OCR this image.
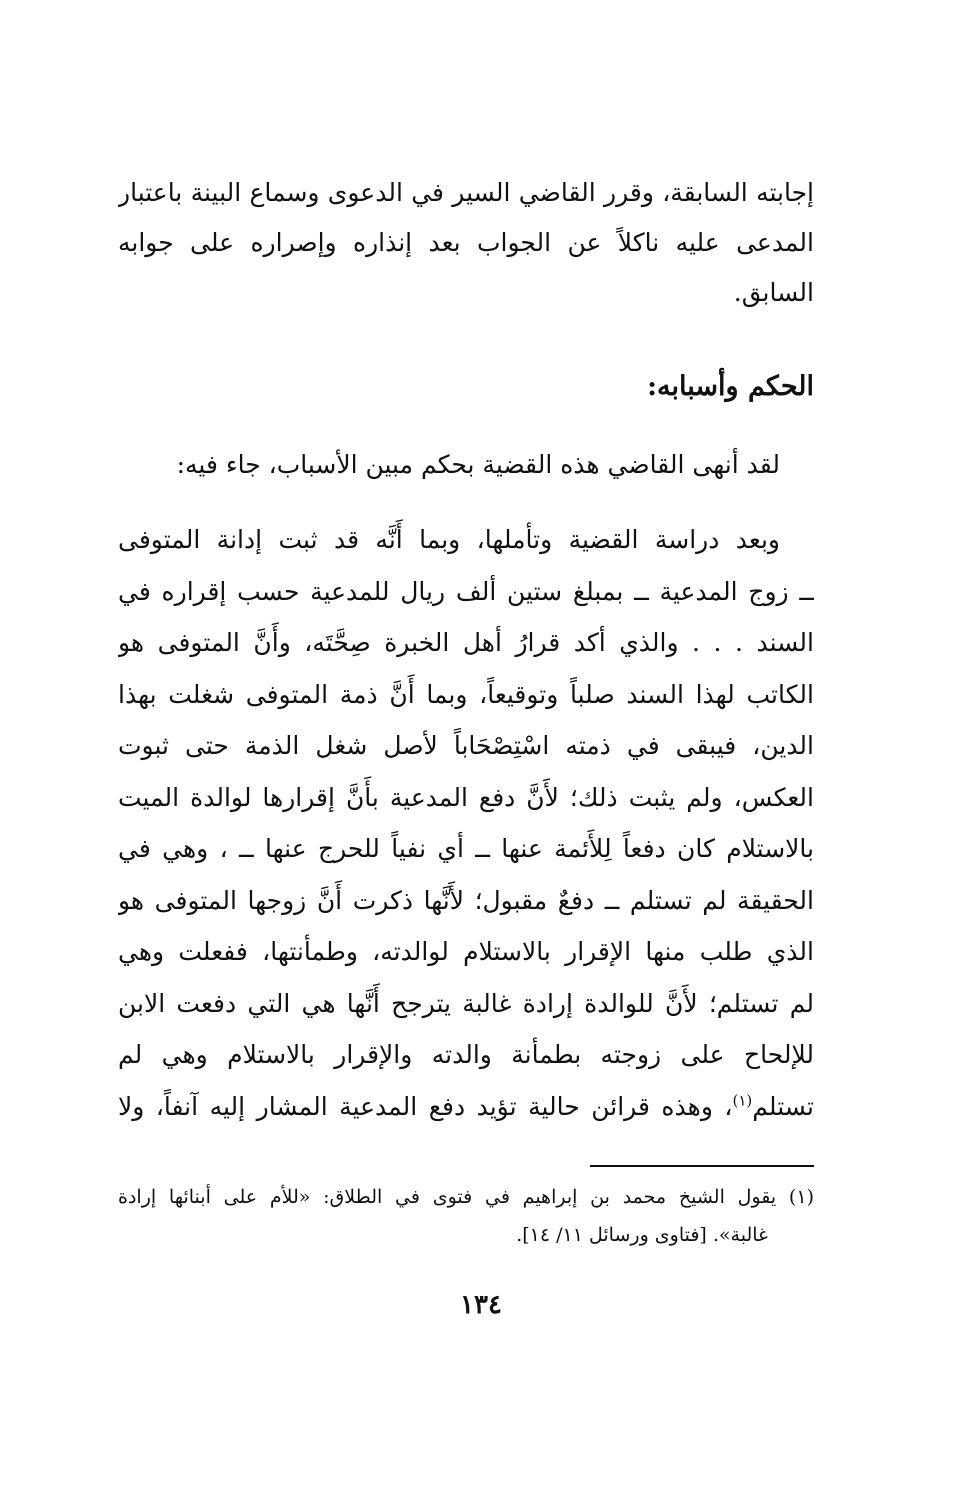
إجابته السابقة، وقرر القاضي السير في الدعوى وسماع البينة باعتبار
المدعى عليه ناكلاً عن الجواب بعد إنذاره وإصراره على جوابه
السابق.
الحكم وأسبابه:
لقد أنهى القاضي هذه القضية بحكم مبين الأسباب، جاء فيه:
وبعد دراسة القضية وتأملها، وبما أَنَّه قد ثبت إدانة المتوفى
ــ زوج المدعية ــ بمبلغ ستين ألف ريال للمدعية حسب إقراره في
السند . . . والذي أكد قرارُ أهل الخبرة صِحَّتَه، وأَنَّ المتوفى هو
الكاتب لهذا السند صلباً وتوقيعاً، وبما أَنَّ ذمة المتوفى شغلت بهذا
الدين، فيبقى في ذمته اسْتِصْحَاباً لأصل شغل الذمة حتى ثبوت
العكس، ولم يثبت ذلك؛ لأَنَّ دفع المدعية بأَنَّ إقرارها لوالدة الميت
بالاستلام كان دفعاً لِلأَئمة عنها ــ أي نفياً للحرج عنها ــ ، وهي في
الحقيقة لم تستلم ــ دفعٌ مقبول؛ لأَنَّها ذكرت أَنَّ زوجها المتوفى هو
الذي طلب منها الإقرار بالاستلام لوالدته، وطمأنتها، ففعلت وهي
لم تستلم؛ لأَنَّ للوالدة إرادة غالبة يترجح أَنَّها هي التي دفعت الابن
للإلحاح على زوجته بطمأنة والدته والإقرار بالاستلام وهي لم
تستلم$^{(١)}$، وهذه قرائن حالية تؤيد دفع المدعية المشار إليه آنفاً، ولا
(١) يقول الشيخ محمد بن إبراهيم في فتوى في الطلاق: «للأم على أبنائها إرادة
غالبة». [فتاوى ورسائل ١١/ ١٤].
١٣٤
